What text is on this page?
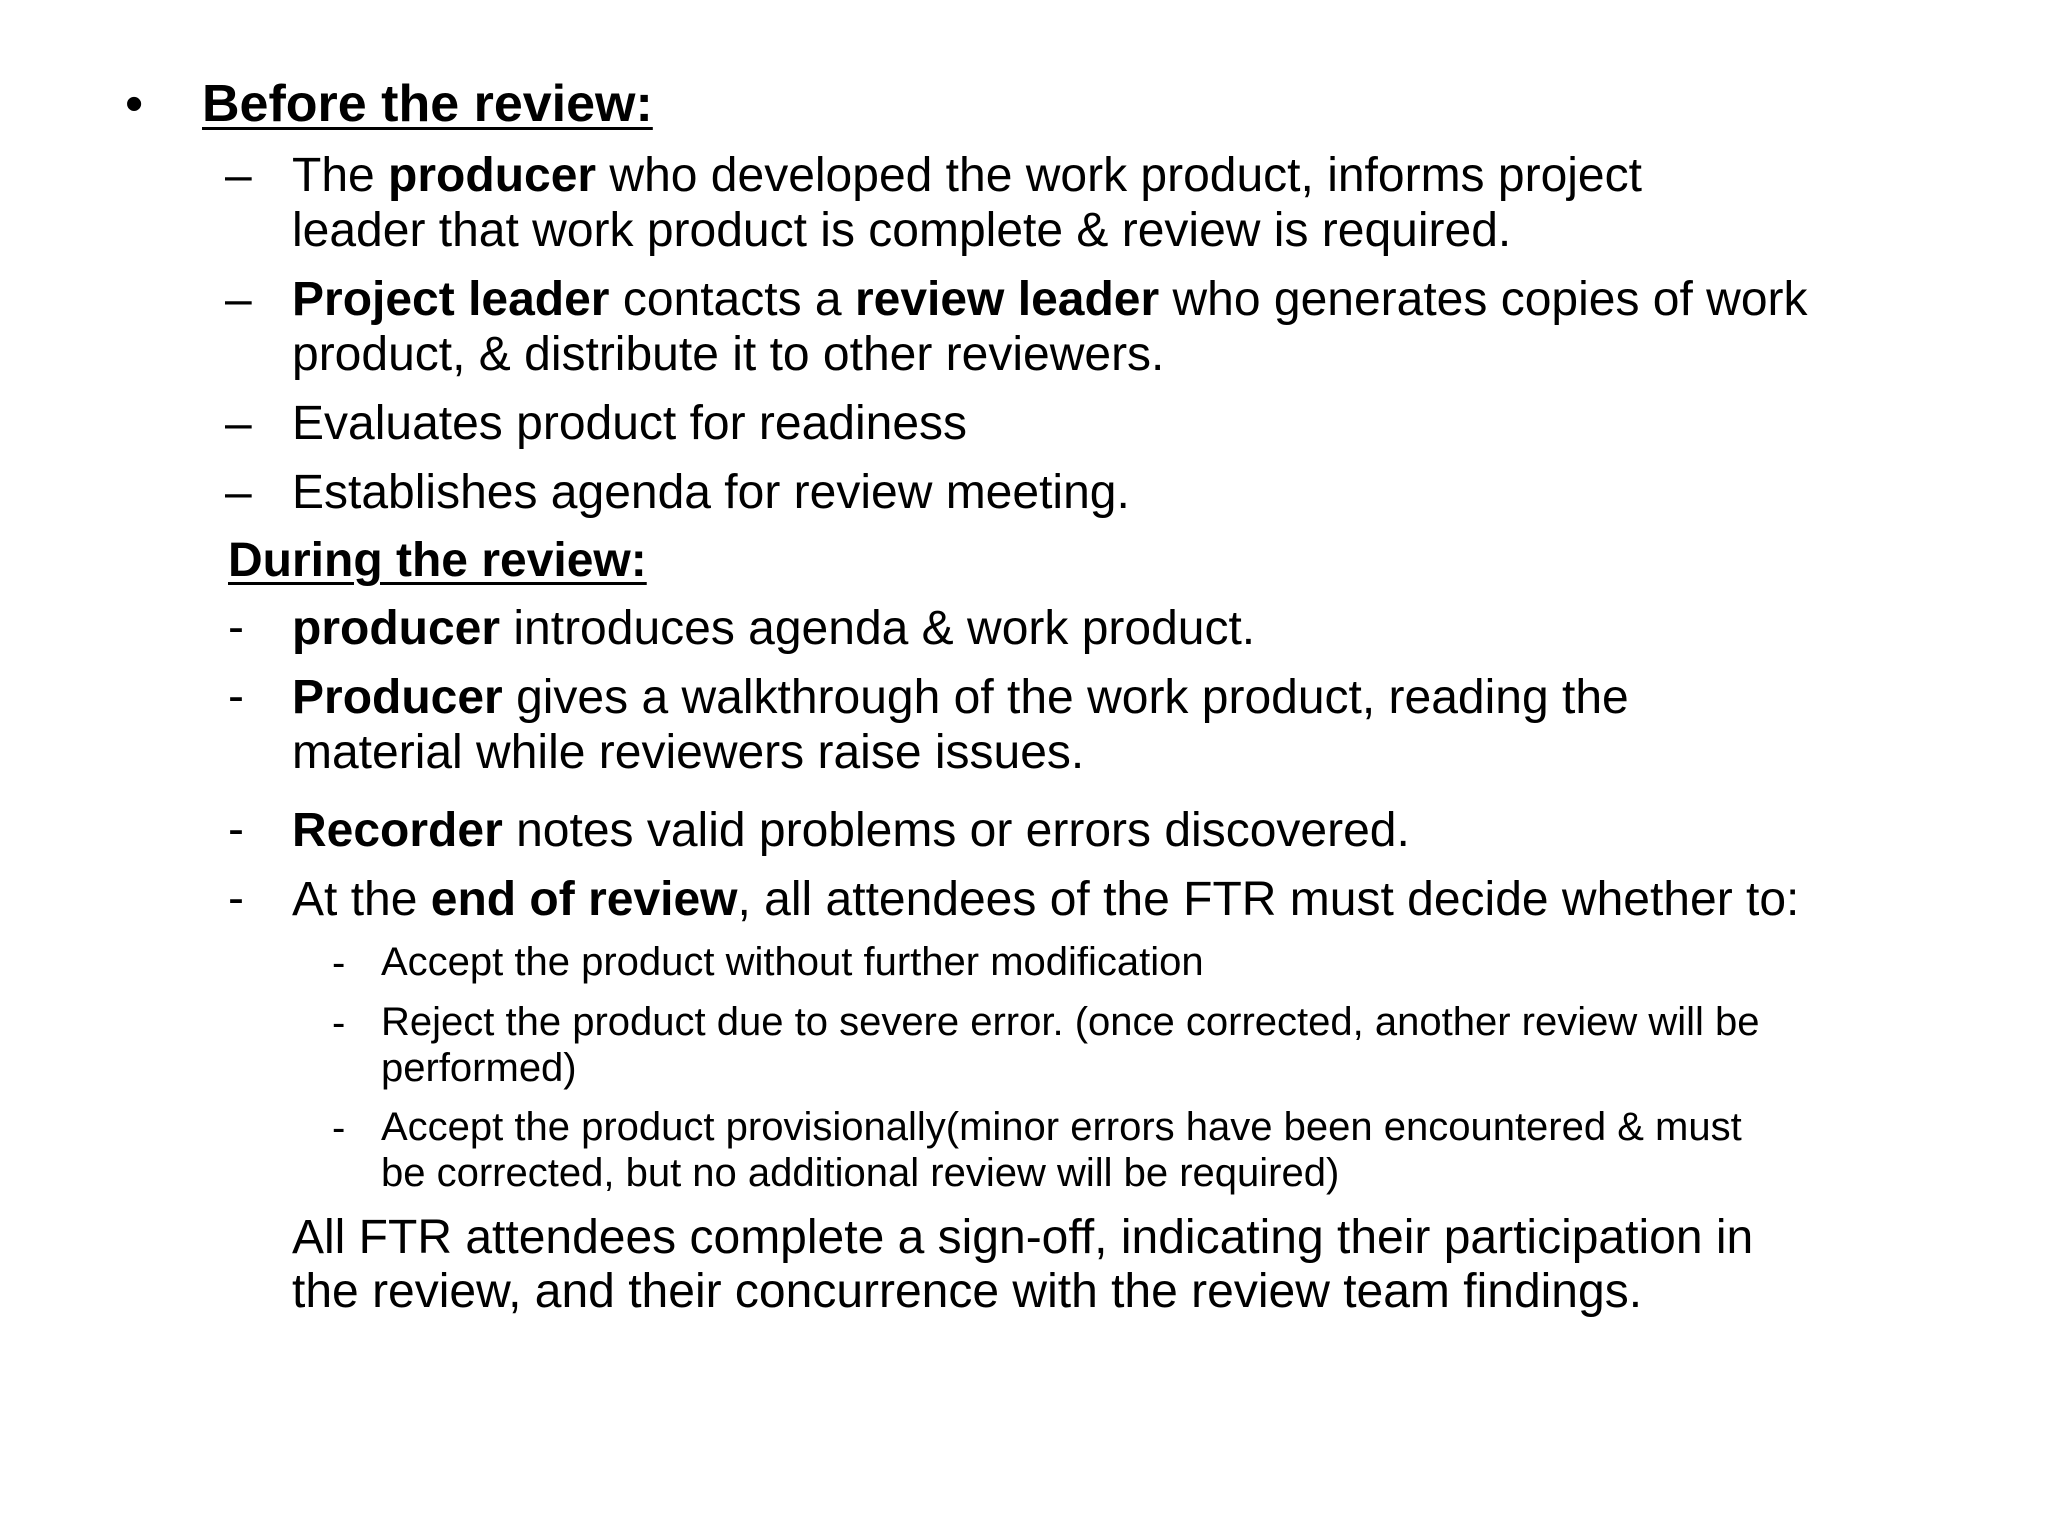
• Before the review:
– The producer who developed the work product, informs project
leader that work product is complete & review is required.
– Project leader contacts a review leader who generates copies of work
product, & distribute it to other reviewers.
– Evaluates product for readiness
– Establishes agenda for review meeting.
During the review:
- producer introduces agenda & work product.
- Producer gives a walkthrough of the work product, reading the
material while reviewers raise issues.
- Recorder notes valid problems or errors discovered.
- At the end of review, all attendees of the FTR must decide whether to:
- Accept the product without further modification
- Reject the product due to severe error. (once corrected, another review will be
performed)
- Accept the product provisionally(minor errors have been encountered & must
be corrected, but no additional review will be required)
All FTR attendees complete a sign-off, indicating their participation in
the review, and their concurrence with the review team findings.
